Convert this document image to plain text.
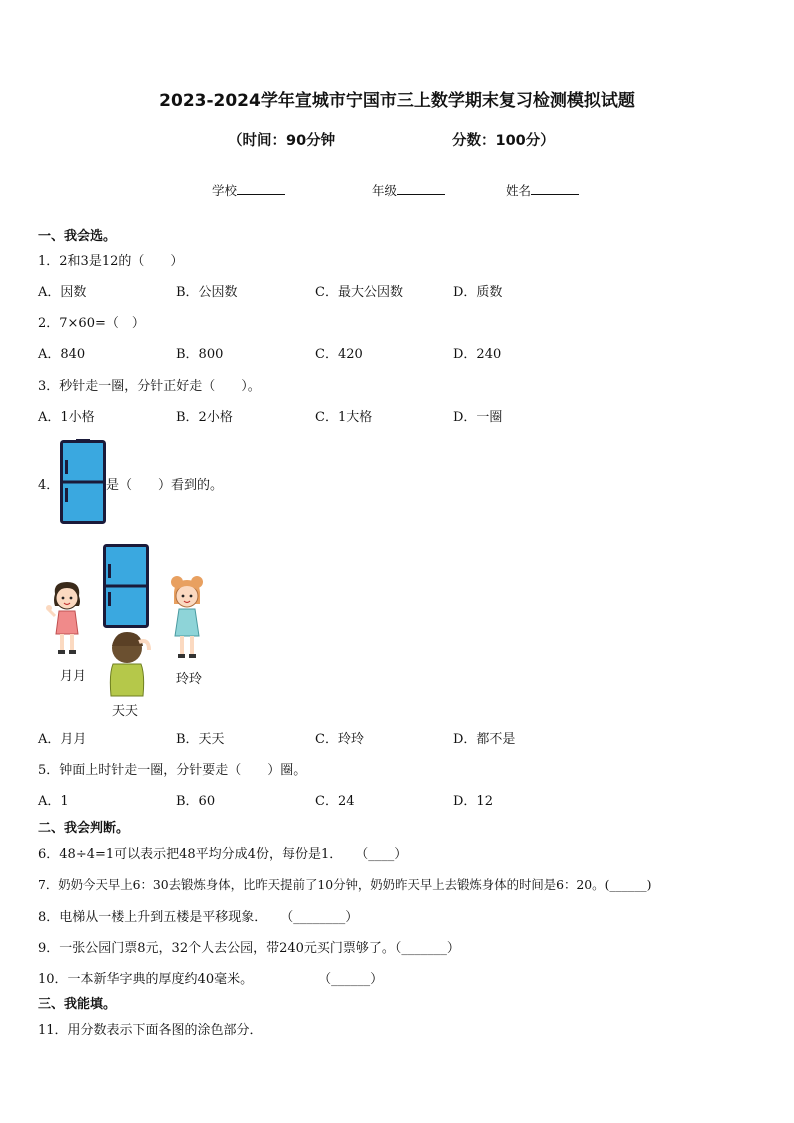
2023-2024学年宣城市宁国市三上数学期末复习检测模拟试题
（时间：90分钟	分数：100分）
学校	年级	姓名
一、我会选。
1．2和3是12的（　　）
A．因数	B．公因数	C．最大公因数	D．质数
2．7×60=（　）
A．840	B．800	C．420	D．240
3．秒针走一圈，分针正好走（　　）。
A．1小格	B．2小格	C．1大格	D．一圈
4．	是（　　）看到的。
月月
天天
玲玲
A．月月	B．天天	C．玲玲	D．都不是
5．钟面上时针走一圈，分针要走（　　）圈。
A．1	B．60	C．24	D．12
二、我会判断。
6．48÷4=1可以表示把48平均分成4份，每份是1．　　（____）
7．奶奶今天早上6：30去锻炼身体，比昨天提前了10分钟，奶奶昨天早上去锻炼身体的时间是6：20。(______)
8．电梯从一楼上升到五楼是平移现象．　　（________）
9．一张公园门票8元，32个人去公园，带240元买门票够了。（_______）
10．一本新华字典的厚度约40毫米。　　　　　　（______）
三、我能填。
11．用分数表示下面各图的涂色部分．
